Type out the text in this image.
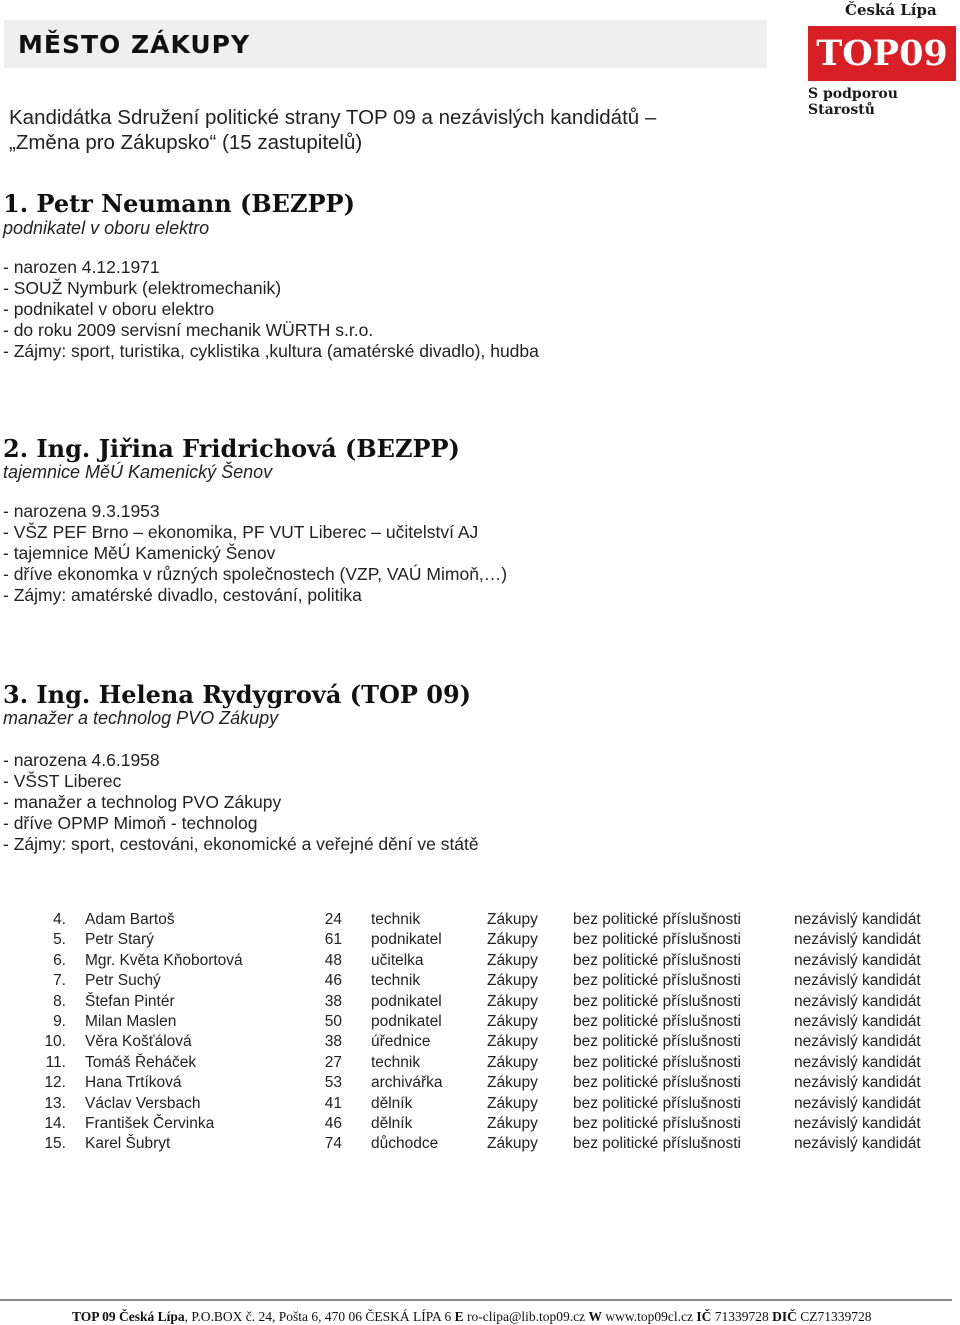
MĚSTO ZÁKUPY
Česká Lípa
TOP09
S podporou Starostů
Kandidátka Sdružení politické strany TOP 09 a nezávislých kandidátů –
„Změna pro Zákupsko“ (15 zastupitelů)
1. Petr Neumann (BEZPP)
podnikatel v oboru elektro
- narozen 4.12.1971
- SOUŽ Nymburk (elektromechanik)
- podnikatel v oboru elektro
- do roku 2009 servisní mechanik WÜRTH s.r.o.
- Zájmy: sport, turistika, cyklistika ,kultura (amatérské divadlo), hudba
2. Ing. Jiřina Fridrichová (BEZPP)
tajemnice MěÚ Kamenický Šenov
- narozena 9.3.1953
- VŠZ PEF Brno – ekonomika, PF VUT Liberec – učitelství AJ
- tajemnice MěÚ Kamenický Šenov
- dříve ekonomka v různých společnostech (VZP, VAÚ Mimoň,…)
- Zájmy: amatérské divadlo, cestování, politika
3. Ing. Helena Rydygrová (TOP 09)
manažer a technolog PVO Zákupy
- narozena 4.6.1958
- VŠST Liberec
- manažer a technolog PVO Zákupy
- dříve OPMP Mimoň - technolog
- Zájmy: sport, cestováni, ekonomické a veřejné dění ve státě
4. Adam Bartoš	24 technik	Zákupy bez politické příslušnosti	nezávislý kandidát
5. Petr Starý	61 podnikatel	Zákupy bez politické příslušnosti	nezávislý kandidát
6. Mgr. Květa Kňobortová	48 učitelka	Zákupy bez politické příslušnosti	nezávislý kandidát
7. Petr Suchý	46 technik	Zákupy bez politické příslušnosti	nezávislý kandidát
8. Štefan Pintér	38 podnikatel	Zákupy bez politické příslušnosti	nezávislý kandidát
9. Milan Maslen	50 podnikatel	Zákupy bez politické příslušnosti	nezávislý kandidát
10. Věra Košťálová	38 úřednice	Zákupy bez politické příslušnosti	nezávislý kandidát
11. Tomáš Řeháček	27 technik	Zákupy bez politické příslušnosti	nezávislý kandidát
12. Hana Trtíková	53 archivářka	Zákupy bez politické příslušnosti	nezávislý kandidát
13. Václav Versbach	41 dělník	Zákupy bez politické příslušnosti	nezávislý kandidát
14. František Červinka	46 dělník	Zákupy bez politické příslušnosti	nezávislý kandidát
15. Karel Šubryt	74 důchodce	Zákupy bez politické příslušnosti	nezávislý kandidát
TOP 09 Česká Lípa, P.O.BOX č. 24, Pošta 6, 470 06 ČESKÁ LÍPA 6 E ro-clipa@lib.top09.cz W www.top09cl.cz IČ 71339728 DIČ CZ71339728
